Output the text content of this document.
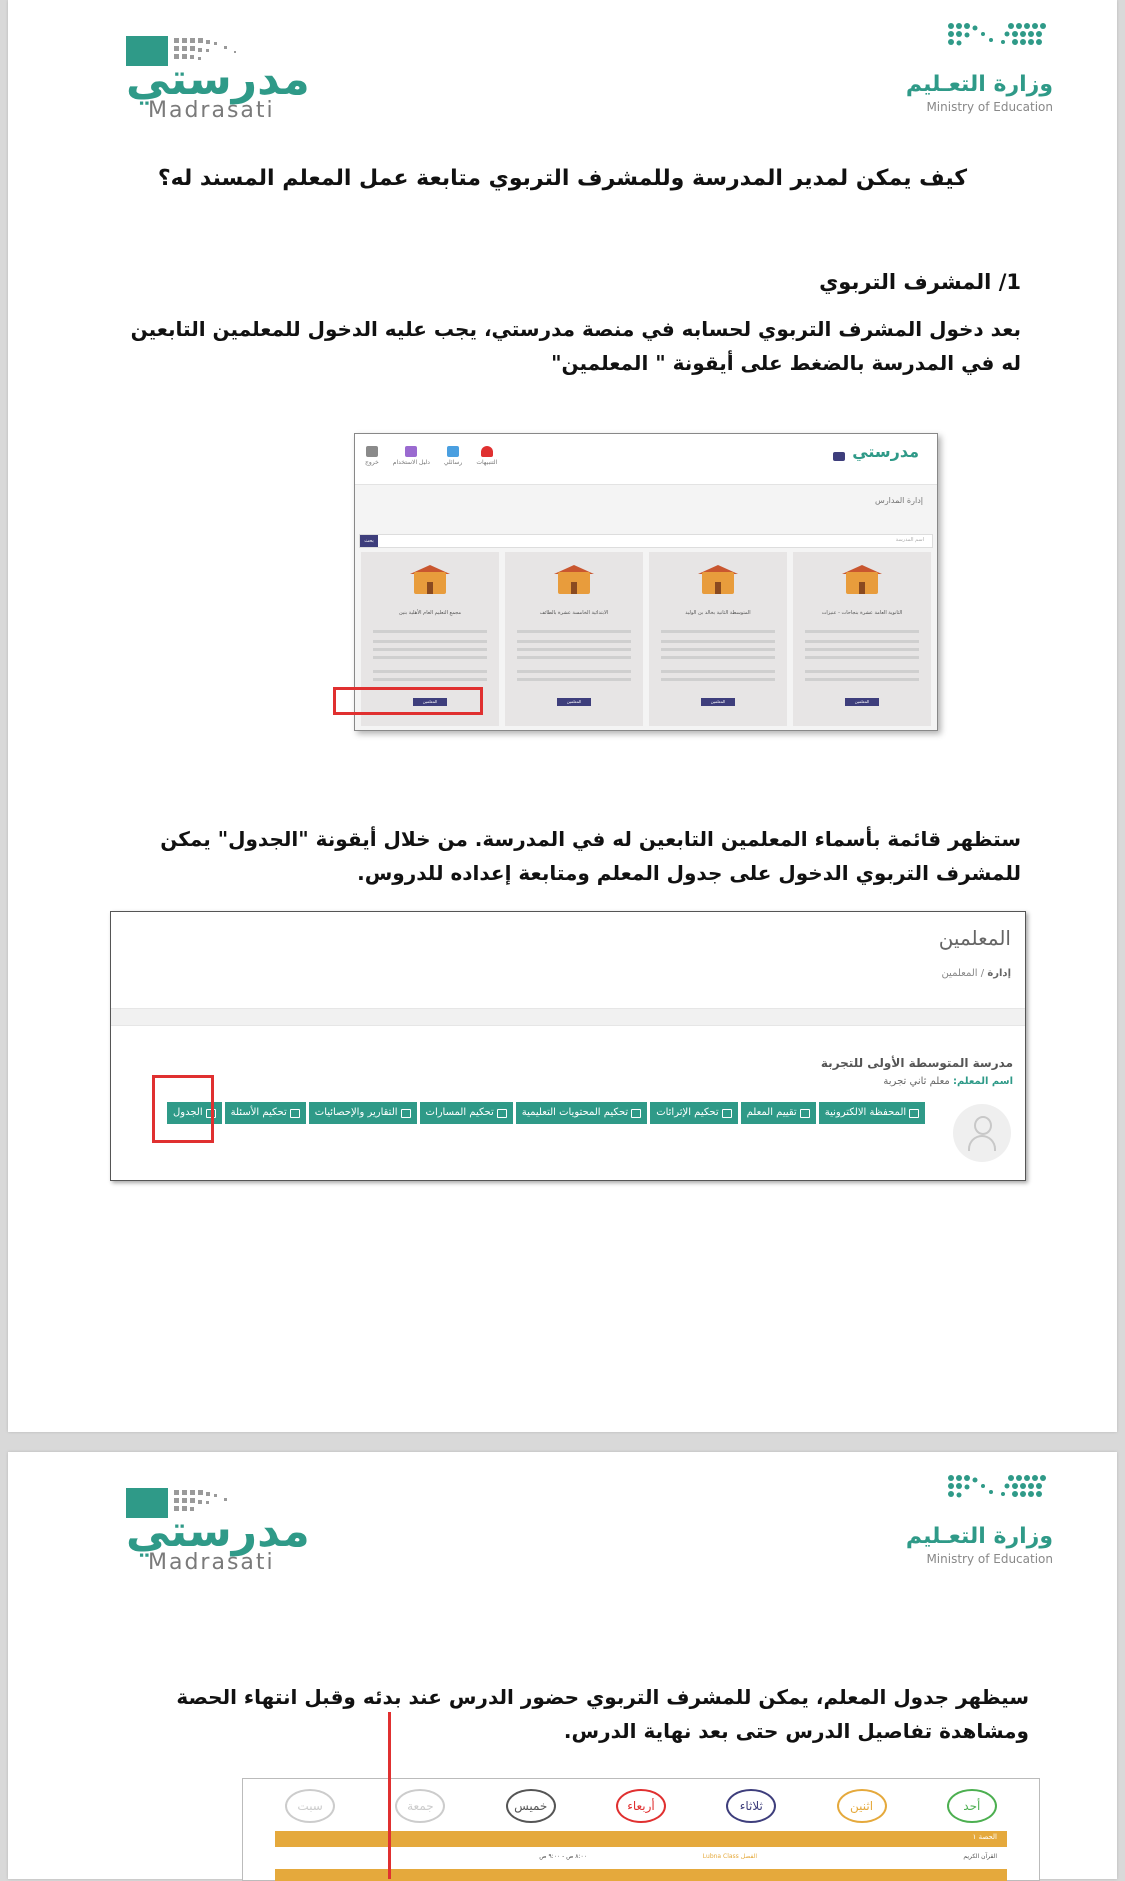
مدرستي
Madrasati
وزارة التعـليم
Ministry of Education
كيف يمكن لمدير المدرسة وللمشرف التربوي متابعة عمل المعلم المسند له؟
1/ المشرف التربوي
بعد دخول المشرف التربوي لحسابه في منصة مدرستي، يجب عليه الدخول للمعلمين التابعين له في المدرسة بالضغط على أيقونة " المعلمين"
خروج دليل الاستخدام رسائلي التنبيهات
مدرستي
إدارة المدارس
بحث	اسم المدرسة
الثانوية العامة عشرة بنجاحات - عنيزات
المعلمين
المتوسطة الثانية بخالد بن الوليد
المعلمين
الابتدائية الخامسة عشرة بالطائف
المعلمين
مجمع التعليم العام الأهلية بنين
المعلمين
ستظهر قائمة بأسماء المعلمين التابعين له في المدرسة. من خلال أيقونة "الجدول" يمكن للمشرف التربوي الدخول على جدول المعلم ومتابعة إعداده للدروس.
المعلمين
إدارة / المعلمين
مدرسة المتوسطة الأولى للتجربة
اسم المعلم: معلم ثاني تجربة
المحفظة الالكترونية
تقييم المعلم
تحكيم الإثرائات
تحكيم المحتويات التعليمية
تحكيم المسارات
التقارير والإحصائيات
تحكيم الأسئلة
الجدول
مدرستي
Madrasati
وزارة التعـليم
Ministry of Education
سيظهر جدول المعلم، يمكن للمشرف التربوي حضور الدرس عند بدئه وقبل انتهاء الحصة ومشاهدة تفاصيل الدرس حتى بعد نهاية الدرس.
أحد
اثنين
ثلاثاء
أربعاء
خميس
جمعة
سبت
الحصة ١
القرآن الكريم
الفصل Lubna Class
٨:٠٠ ص - ٩:٠٠ ص
